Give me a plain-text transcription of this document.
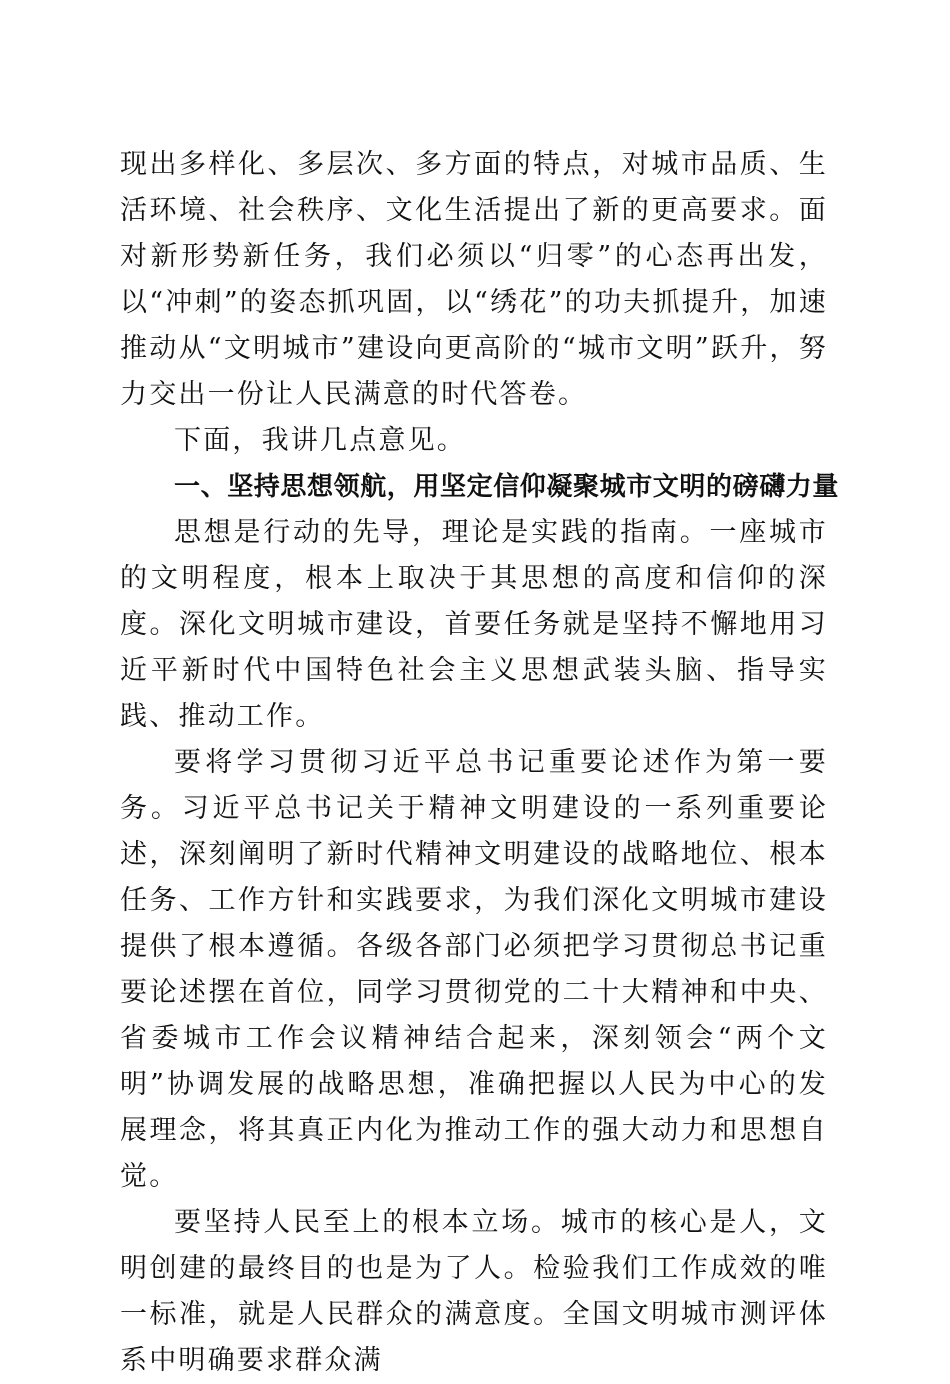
现出多样化、多层次、多方面的特点，对城市品质、生活环境、社会秩序、文化生活提出了新的更高要求。面对新形势新任务，我们必须以“归零”的心态再出发，以“冲刺”的姿态抓巩固，以“绣花”的功夫抓提升，加速推动从“文明城市”建设向更高阶的“城市文明”跃升，努力交出一份让人民满意的时代答卷。

下面，我讲几点意见。

一、坚持思想领航，用坚定信仰凝聚城市文明的磅礴力量

思想是行动的先导，理论是实践的指南。一座城市的文明程度，根本上取决于其思想的高度和信仰的深度。深化文明城市建设，首要任务就是坚持不懈地用习近平新时代中国特色社会主义思想武装头脑、指导实践、推动工作。

要将学习贯彻习近平总书记重要论述作为第一要务。习近平总书记关于精神文明建设的一系列重要论述，深刻阐明了新时代精神文明建设的战略地位、根本任务、工作方针和实践要求，为我们深化文明城市建设提供了根本遵循。各级各部门必须把学习贯彻总书记重要论述摆在首位，同学习贯彻党的二十大精神和中央、省委城市工作会议精神结合起来，深刻领会“两个文明”协调发展的战略思想，准确把握以人民为中心的发展理念，将其真正内化为推动工作的强大动力和思想自觉。

要坚持人民至上的根本立场。城市的核心是人，文明创建的最终目的也是为了人。检验我们工作成效的唯一标准，就是人民群众的满意度。全国文明城市测评体系中明确要求群众满
